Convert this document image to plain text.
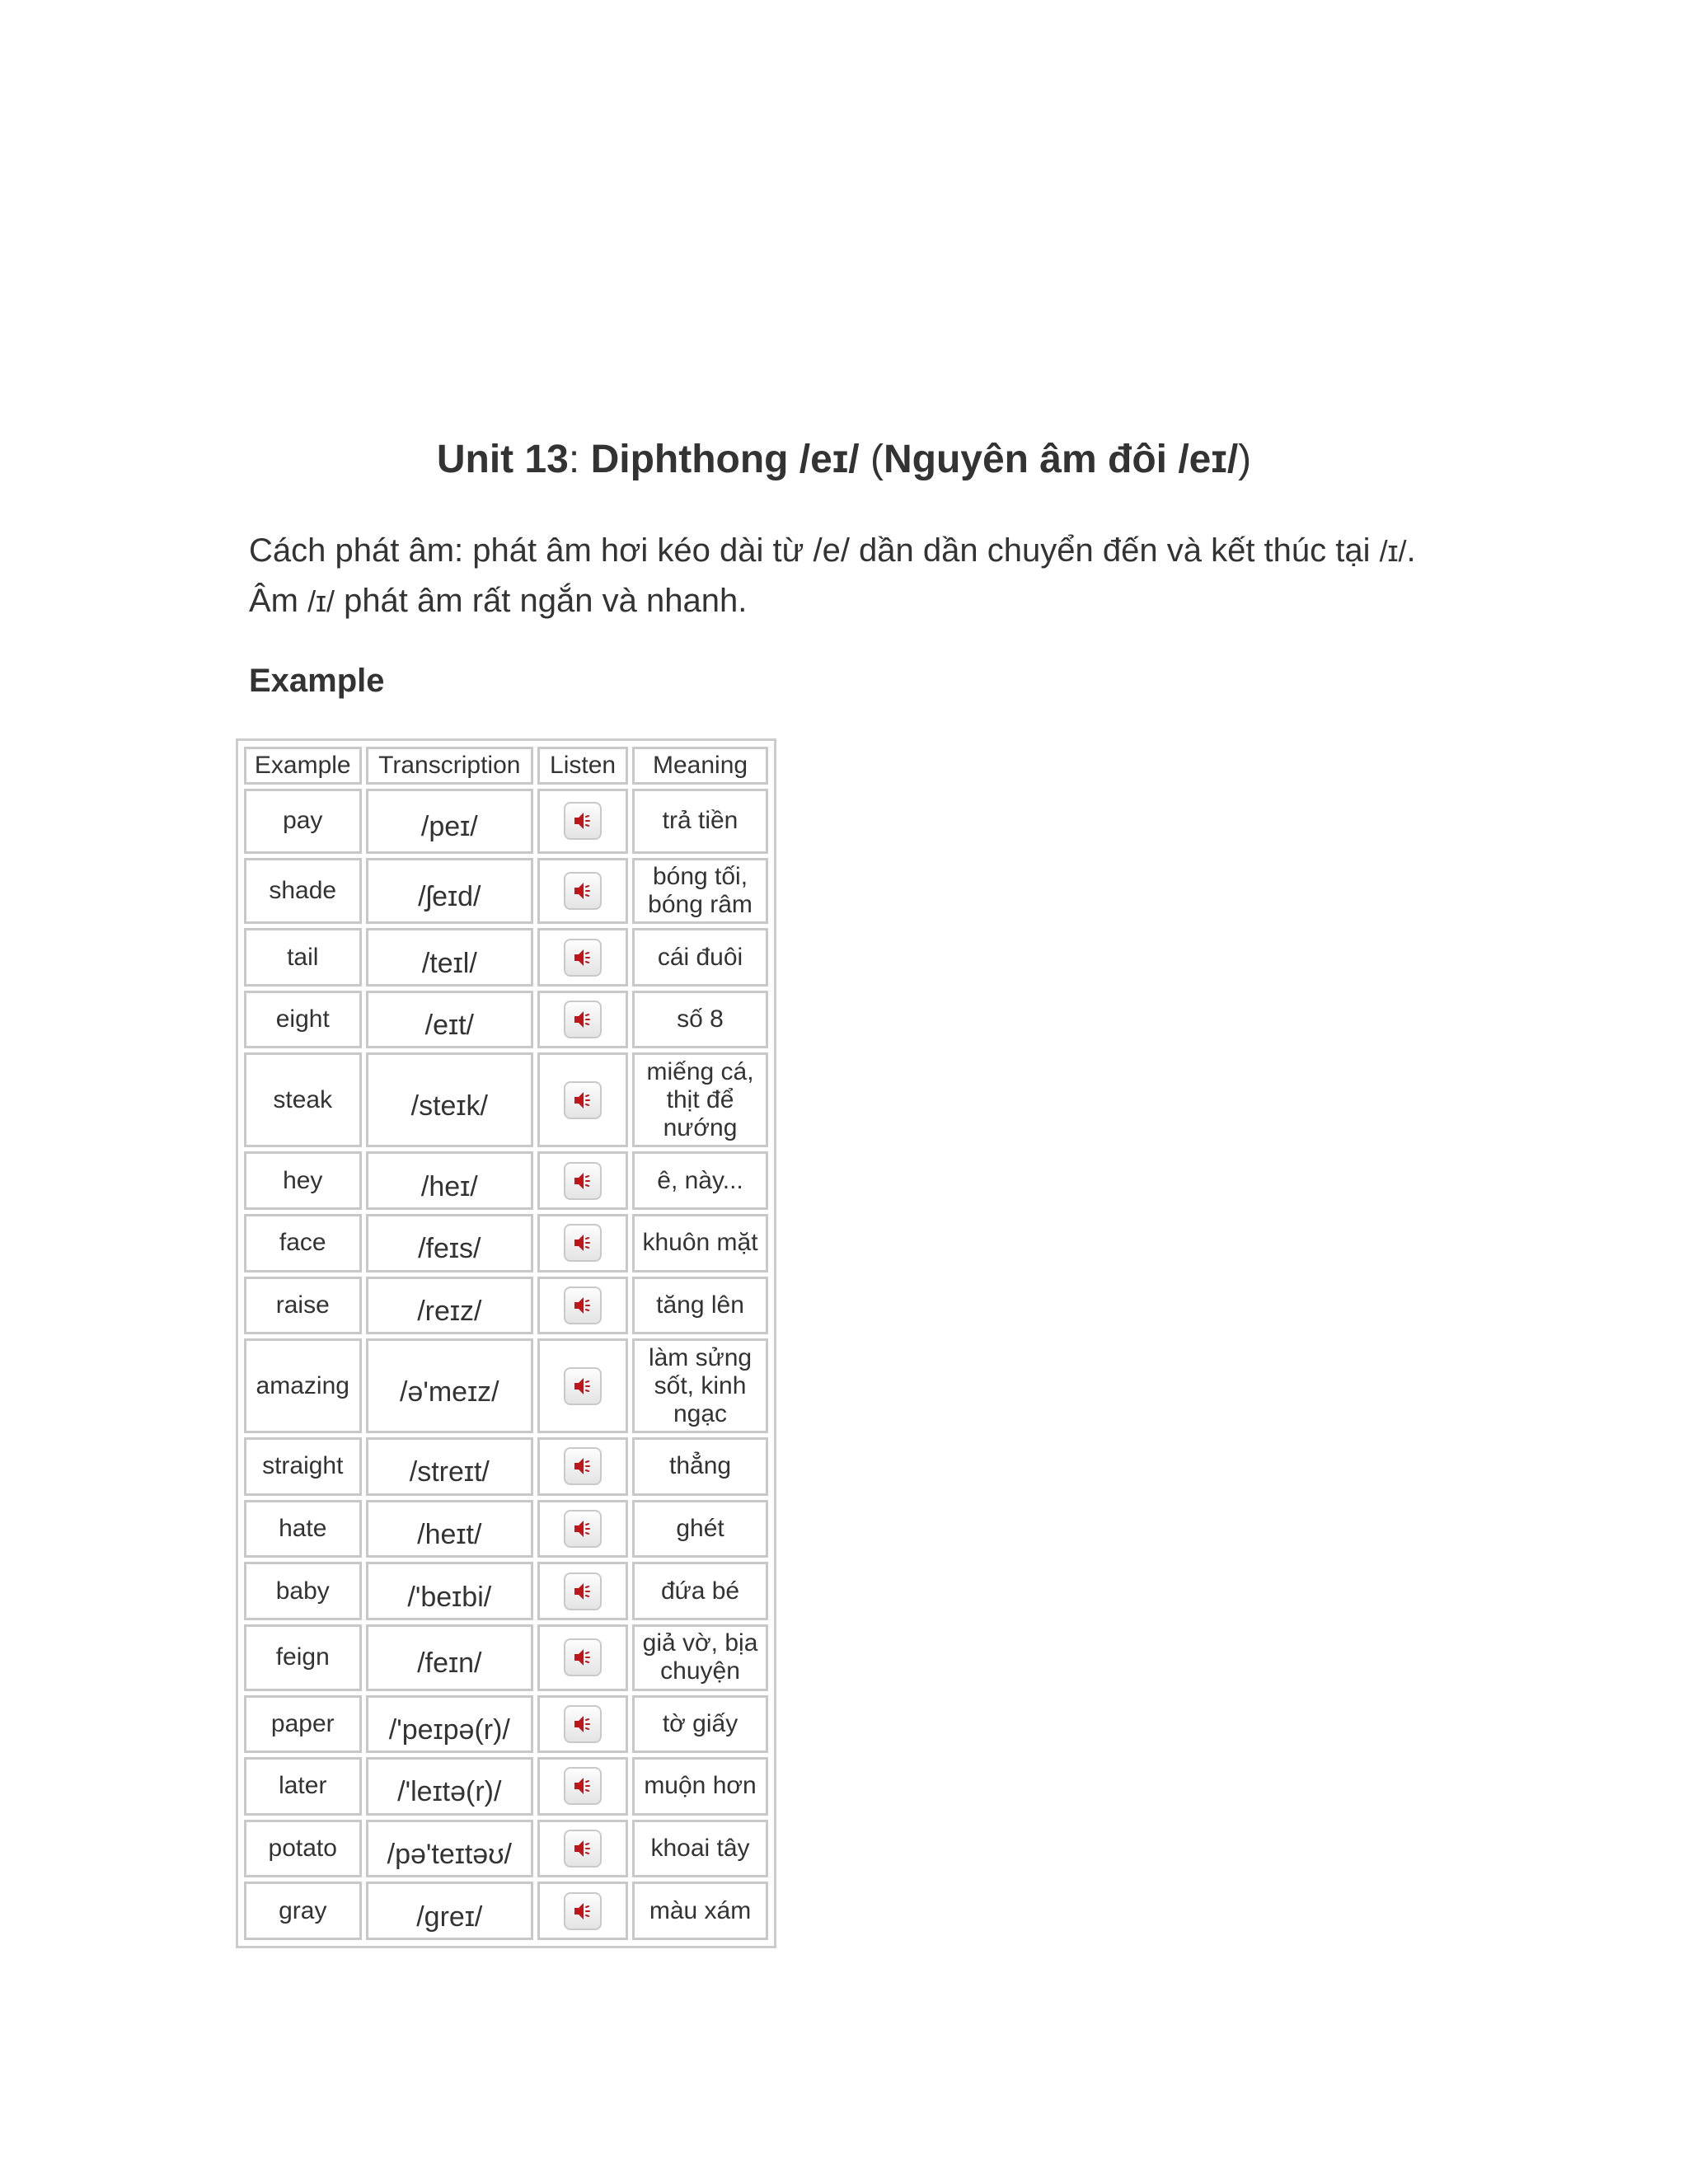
Unit 13: Diphthong /eɪ/ (Nguyên âm đôi /eɪ/)
Cách phát âm: phát âm hơi kéo dài từ /e/ dần dần chuyển đến và kết thúc tại /ɪ/.
Âm /ɪ/ phát âm rất ngắn và nhanh.
Example
Example	Transcription	Listen	Meaning
pay	/peɪ/		trả tiền

shade	/ʃeɪd/		bóng tối,
bóng râm

tail	/teɪl/		cái đuôi

eight	/eɪt/		số 8

steak	/steɪk/		miếng cá,
thịt để
nướng

hey	/heɪ/		ê, này...

face	/feɪs/		khuôn mặt

raise	/reɪz/		tăng lên

amazing	/ə'meɪz/		làm sửng
sốt, kinh
ngạc

straight	/streɪt/		thẳng

hate	/heɪt/		ghét

baby	/'beɪbi/		đứa bé

feign	/feɪn/		giả vờ, bịa
chuyện

paper	/'peɪpə(r)/		tờ giấy

later	/'leɪtə(r)/		muộn hơn

potato	/pə'teɪtəʊ/		khoai tây

gray	/greɪ/		màu xám
